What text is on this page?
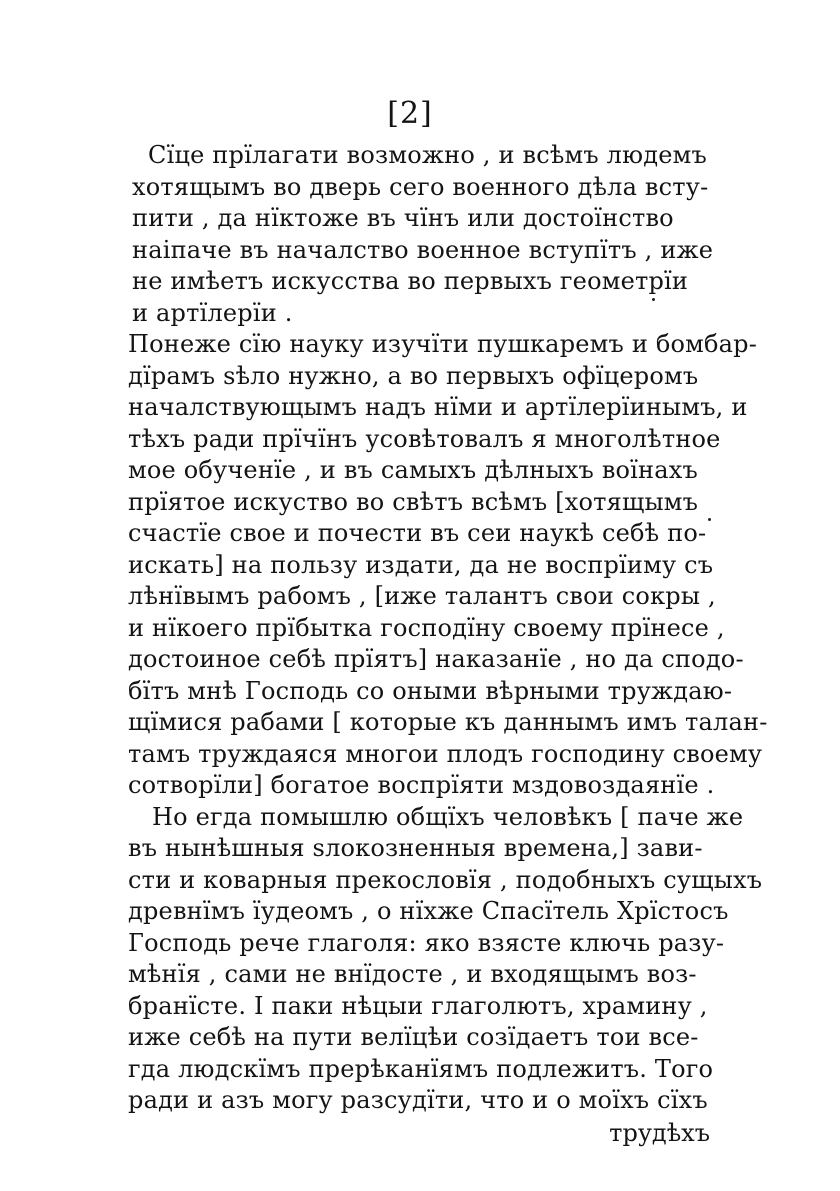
[2]
Сїце прїлагати возможно , и всѣмъ людемъ
хотящымъ во дверь сего военного дѣла всту-
пити , да нїктоже въ чїнъ или достоїнство
наіпаче въ началство военное вступїтъ , иже
не имѣетъ искусства во первыхъ геометрїи
и артїлерїи .
Понеже сїю науку изучїти пушкаремъ и бомбар-
дїрамъ ѕѣло нужно, а во первыхъ офїцеромъ
началствующымъ надъ нїми и артїлерїинымъ, и
тѣхъ ради прїчїнъ усовѣтовалъ я многолѣтное
мое обученїе , и въ самыхъ дѣлныхъ воїнахъ
прїятое искуство во свѣтъ всѣмъ [хотящымъ
счастїе свое и почести въ сеи наукѣ себѣ по-
искать] на пользу издати, да не воспрїиму съ
лѣнївымъ рабомъ , [иже талантъ свои сокры ,
и нїкоего прїбытка господїну своему прїнесе ,
достоиное себѣ прїятъ] наказанїе , но да сподо-
бїтъ мнѣ Господь со оными вѣрными труждаю-
щїмися рабами [ которые къ даннымъ имъ талан-
тамъ труждаяся многои плодъ господину своему
сотворїли] богатое воспрїяти мздовоздаянїе .
Но егда помышлю общїхъ человѣкъ [ паче же
въ нынѣшныя ѕлокозненныя времена,] зави-
сти и коварныя прекословїя , подобныхъ сущыхъ
древнїмъ їудеомъ , о нїхже Спасїтель Хрїстосъ
Господь рече глаголя: яко взясте ключь разу-
мѣнїя , сами не внїдосте , и входящымъ воз-
бранїсте. І паки нѣцыи глаголютъ, храмину ,
иже себѣ на пути велїцѣи созїдаетъ тои все-
гда людскїмъ прерѣканїямъ подлежитъ. Того
ради и азъ могу разсудїти, что и о моїхъ сїхъ
трудѣхъ
